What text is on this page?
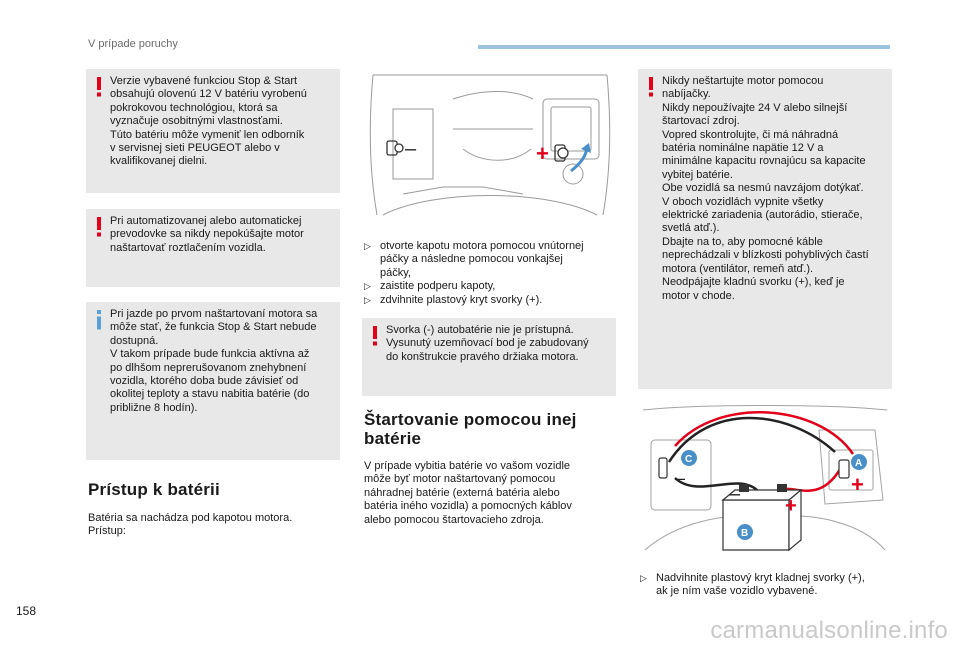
V prípade poruchy
Verzie vybavené funkciou Stop & Start
obsahujú olovenú 12 V batériu vyrobenú
pokrokovou technológiou, ktorá sa
vyznačuje osobitnými vlastnosťami.
Túto batériu môže vymeniť len odborník
v servisnej sieti PEUGEOT alebo v
kvalifikovanej dielni.
Pri automatizovanej alebo automatickej
prevodovke sa nikdy nepokúšajte motor
naštartovať roztlačením vozidla.
Pri jazde po prvom naštartovaní motora sa
môže stať, že funkcia Stop & Start nebude
dostupná.
V takom prípade bude funkcia aktívna až
po dlhšom neprerušovanom znehybnení
vozidla, ktorého doba bude závisieť od
okolitej teploty a stavu nabitia batérie (do
približne 8 hodín).
Prístup k batérii
Batéria sa nachádza pod kapotou motora.
Prístup:
–	+
▷ otvorte kapotu motora pomocou vnútornej
páčky a následne pomocou vonkajšej
páčky,
▷ zaistite podperu kapoty,
▷ zdvihnite plastový kryt svorky (+).
Svorka (-) autobatérie nie je prístupná.
Vysunutý uzemňovací bod je zabudovaný
do konštrukcie pravého držiaka motora.
Štartovanie pomocou inej
batérie
V prípade vybitia batérie vo vašom vozidle
môže byť motor naštartovaný pomocou
náhradnej batérie (externá batéria alebo
batéria iného vozidla) a pomocných káblov
alebo pomocou štartovacieho zdroja.
Nikdy neštartujte motor pomocou
nabíjačky.
Nikdy nepoužívajte 24 V alebo silnejší
štartovací zdroj.
Vopred skontrolujte, či má náhradná
batéria nominálne napätie 12 V a
minimálne kapacitu rovnajúcu sa kapacite
vybitej batérie.
Obe vozidlá sa nesmú navzájom dotýkať.
V oboch vozidlách vypnite všetky
elektrické zariadenia (autorádio, stierače,
svetlá atď.).
Dbajte na to, aby pomocné káble
neprechádzali v blízkosti pohyblivých častí
motora (ventilátor, remeň atď.).
Neodpájajte kladnú svorku (+), keď je
motor v chode.
–
–
+
+
A
B
C
▷ Nadvihnite plastový kryt kladnej svorky (+),
ak je ním vaše vozidlo vybavené.
158
carmanualsonline.info
